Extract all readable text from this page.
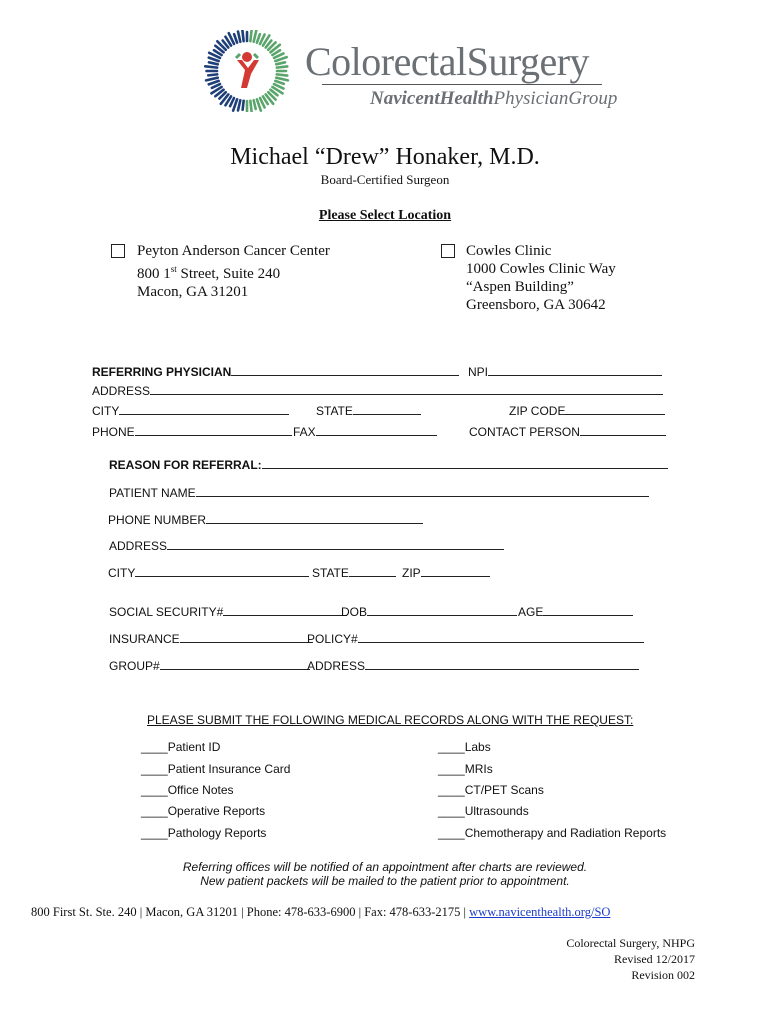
ColorectalSurgery
NavicentHealthPhysicianGroup
Michael “Drew” Honaker, M.D.
Board-Certified Surgeon
Please Select Location
Peyton Anderson Cancer Center
800 1st Street, Suite 240
Macon, GA 31201
Cowles Clinic
1000 Cowles Clinic Way
“Aspen Building”
Greensboro, GA 30642
REFERRING PHYSICIAN	NPI
ADDRESS
CITY	STATE	ZIP CODE
PHONE	FAX	CONTACT PERSON
REASON FOR REFERRAL:
PATIENT NAME
PHONE NUMBER
ADDRESS
CITY	STATE	ZIP
SOCIAL SECURITY#	DOB	AGE
INSURANCE	POLICY#
GROUP#	ADDRESS
PLEASE SUBMIT THE FOLLOWING MEDICAL RECORDS ALONG WITH THE REQUEST:
____Patient ID
____Patient Insurance Card
____Office Notes
____Operative Reports
____Pathology Reports
____Labs
____MRIs
____CT/PET Scans
____Ultrasounds
____Chemotherapy and Radiation Reports
Referring offices will be notified of an appointment after charts are reviewed.
New patient packets will be mailed to the patient prior to appointment.
800 First St. Ste. 240 | Macon, GA 31201 | Phone: 478-633-6900 | Fax: 478-633-2175 | www.navicenthealth.org/SO
Colorectal Surgery, NHPG
Revised 12/2017
Revision 002
